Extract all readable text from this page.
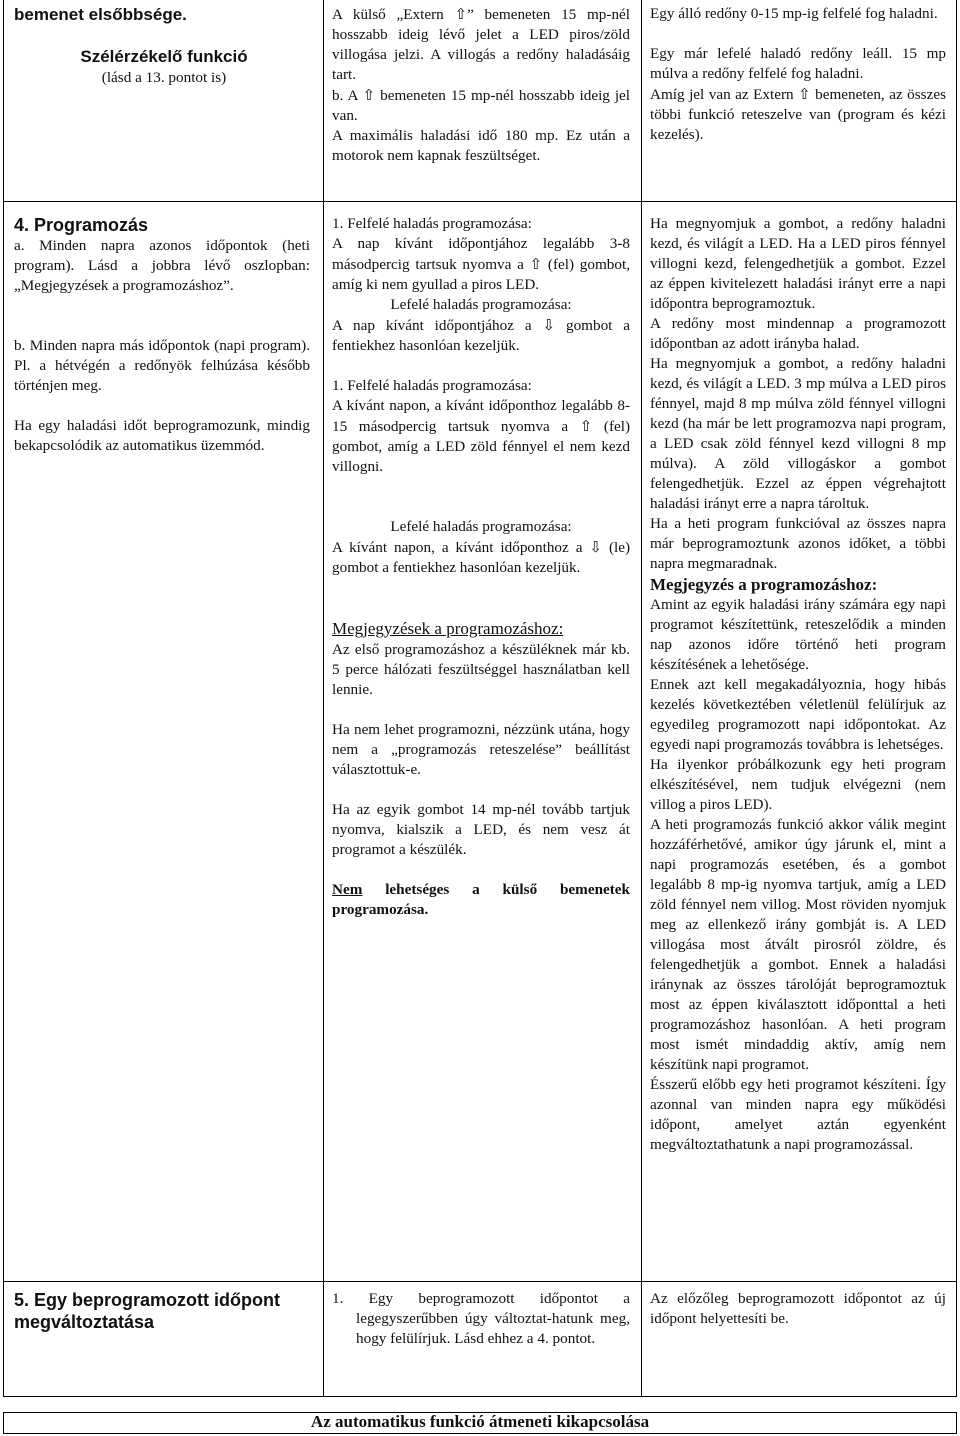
bemenet elsőbbsége.
Szélérzékelő funkció
(lásd a 13. pontot is)

A külső „Extern ⇧” bemeneten 15 mp-nél hosszabb ideig lévő jelet a LED piros/zöld villogása jelzi. A villogás a redőny haladásáig tart.

b. A ⇧ bemeneten 15 mp-nél hosszabb ideig jel van.

A maximális haladási idő 180 mp. Ez után a motorok nem kapnak feszültséget.

Egy álló redőny 0-15 mp-ig felfelé fog haladni.

Egy már lefelé haladó redőny leáll. 15 mp múlva a redőny felfelé fog haladni.

Amíg jel van az Extern ⇧ bemeneten, az összes többi funkció reteszelve van (program és kézi kezelés).

4. Programozás

a. Minden napra azonos időpontok (heti program). Lásd a jobbra lévő oszlopban: „Megjegyzések a programozáshoz”.

b. Minden napra más időpontok (napi program). Pl. a hétvégén a redőnyök felhúzása később történjen meg.

Ha egy haladási időt beprogramozunk, mindig bekapcsolódik az automatikus üzemmód.

1. Felfelé haladás programozása:

A nap kívánt időpontjához legalább 3-8 másodpercig tartsuk nyomva a ⇧ (fel) gombot, amíg ki nem gyullad a piros LED.

Lefelé haladás programozása:

A nap kívánt időpontjához a ⇩ gombot a fentiekhez hasonlóan kezeljük.

1. Felfelé haladás programozása:

A kívánt napon, a kívánt időponthoz legalább 8-15 másodpercig tartsuk nyomva a ⇧ (fel) gombot, amíg a LED zöld fénnyel el nem kezd villogni.

Lefelé haladás programozása:

A kívánt napon, a kívánt időponthoz a ⇩ (le) gombot a fentiekhez hasonlóan kezeljük.

Megjegyzések a programozáshoz:

Az első programozáshoz a készüléknek már kb. 5 perce hálózati feszültséggel használatban kell lennie.

Ha nem lehet programozni, nézzünk utána, hogy nem a „programozás reteszelése” beállítást választottuk-e.

Ha az egyik gombot 14 mp-nél tovább tartjuk nyomva, kialszik a LED, és nem vesz át programot a készülék.

Nem lehetséges a külső bemenetek programozása.

Ha megnyomjuk a gombot, a redőny haladni kezd, és világít a LED. Ha a LED piros fénnyel villogni kezd, felengedhetjük a gombot. Ezzel az éppen kivitelezett haladási irányt erre a napi időpontra beprogramoztuk.

A redőny most mindennap a programozott időpontban az adott irányba halad.

Ha megnyomjuk a gombot, a redőny haladni kezd, és világít a LED. 3 mp múlva a LED piros fénnyel, majd 8 mp múlva zöld fénnyel villogni kezd (ha már be lett programozva napi program, a LED csak zöld fénnyel kezd villogni 8 mp múlva). A zöld villogáskor a gombot felengedhetjük. Ezzel az éppen végrehajtott haladási irányt erre a napra tároltuk.

Ha a heti program funkcióval az összes napra már beprogramoztunk azonos időket, a többi napra megmaradnak.

Megjegyzés a programozáshoz:

Amint az egyik haladási irány számára egy napi programot készítettünk, reteszelődik a minden nap azonos időre történő heti program készítésének a lehetősége.

Ennek azt kell megakadályoznia, hogy hibás kezelés következtében véletlenül felülírjuk az egyedileg programozott napi időpontokat. Az egyedi napi programozás továbbra is lehetséges.

Ha ilyenkor próbálkozunk egy heti program elkészítésével, nem tudjuk elvégezni (nem villog a piros LED).

A heti programozás funkció akkor válik megint hozzáférhetővé, amikor úgy járunk el, mint a napi programozás esetében, és a gombot legalább 8 mp-ig nyomva tartjuk, amíg a LED zöld fénnyel nem villog. Most röviden nyomjuk meg az ellenkező irány gombját is. A LED villogása most átvált pirosról zöldre, és felengedhetjük a gombot. Ennek a haladási iránynak az összes tárolóját beprogramoztuk most az éppen kiválasztott időponttal a heti programozáshoz hasonlóan. A heti program most ismét mindaddig aktív, amíg nem készítünk napi programot.

Ésszerű előbb egy heti programot készíteni. Így azonnal van minden napra egy működési időpont, amelyet aztán egyenként megváltoztathatunk a napi programozással.

5. Egy beprogramozott időpont megváltoztatása

1. Egy beprogramozott időpontot a legegyszerűbben úgy változtat-hatunk meg, hogy felülírjuk. Lásd ehhez a 4. pontot.

Az előzőleg beprogramozott időpontot az új időpont helyettesíti be.

Az automatikus funkció átmeneti kikapcsolása
